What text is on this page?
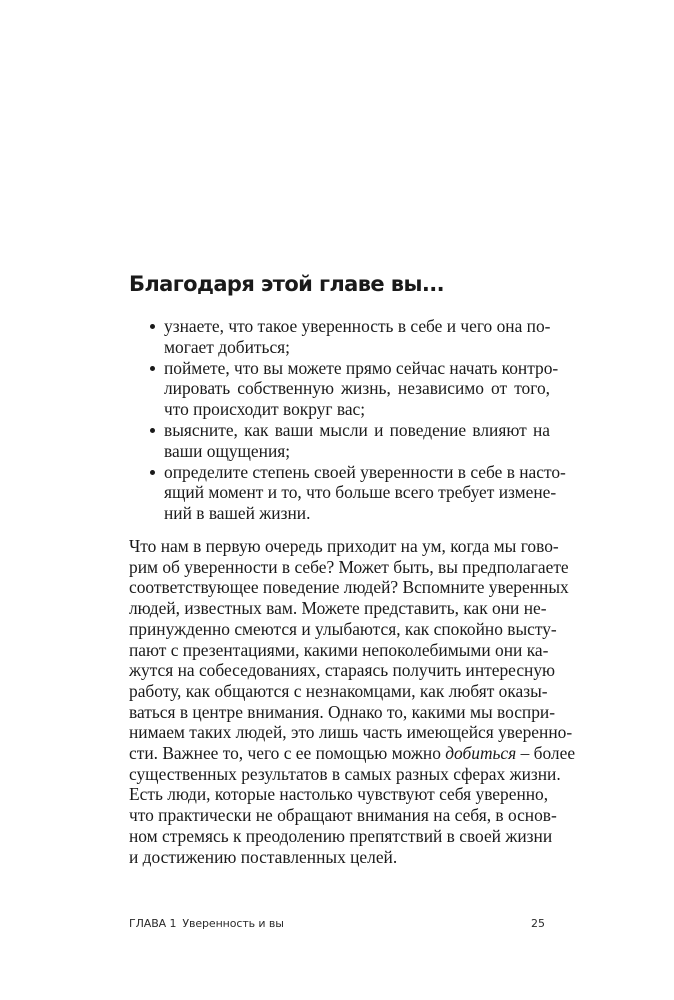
Благодаря этой главе вы...
узнаете, что такое уверенность в себе и чего она по-
могает добиться;
поймете, что вы можете прямо сейчас начать контро-
лировать собственную жизнь, независимо от того,
что происходит вокруг вас;
выясните, как ваши мысли и поведение влияют на
ваши ощущения;
определите степень своей уверенности в себе в насто-
ящий момент и то, что больше всего требует измене-
ний в вашей жизни.
Что нам в первую очередь приходит на ум, когда мы гово-
рим об уверенности в себе? Может быть, вы предполагаете
соответствующее поведение людей? Вспомните уверенных
людей, известных вам. Можете представить, как они не-
принужденно смеются и улыбаются, как спокойно высту-
пают с презентациями, какими непоколебимыми они ка-
жутся на собеседованиях, стараясь получить интересную
работу, как общаются с незнакомцами, как любят оказы-
ваться в центре внимания. Однако то, какими мы воспри-
нимаем таких людей, это лишь часть имеющейся уверенно-
сти. Важнее то, чего с ее помощью можно добиться – более
существенных результатов в самых разных сферах жизни.
Есть люди, которые настолько чувствуют себя уверенно,
что практически не обращают внимания на себя, в основ-
ном стремясь к преодолению препятствий в своей жизни
и достижению поставленных целей.
ГЛАВА 1 Уверенность и вы	25
